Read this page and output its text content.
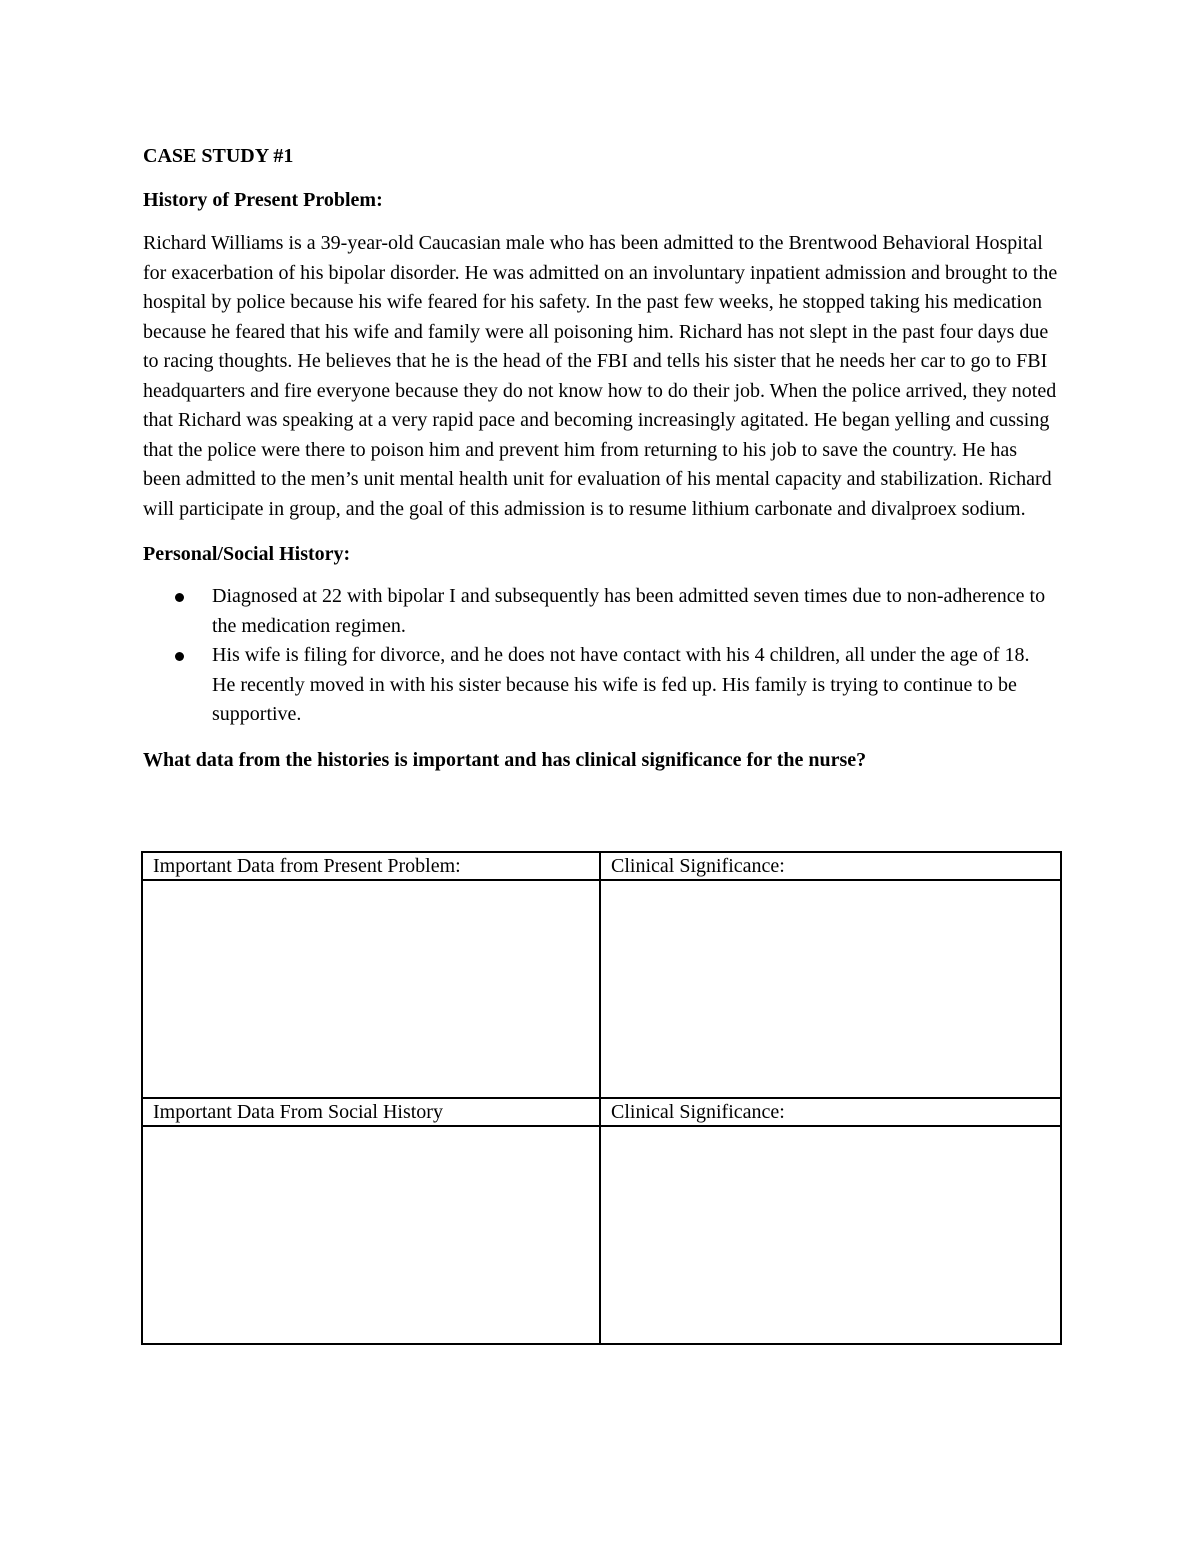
CASE STUDY #1

History of Present Problem:

Richard Williams is a 39-year-old Caucasian male who has been admitted to the Brentwood Behavioral Hospital for exacerbation of his bipolar disorder. He was admitted on an involuntary inpatient admission and brought to the hospital by police because his wife feared for his safety. In the past few weeks, he stopped taking his medication because he feared that his wife and family were all poisoning him. Richard has not slept in the past four days due to racing thoughts. He believes that he is the head of the FBI and tells his sister that he needs her car to go to FBI headquarters and fire everyone because they do not know how to do their job. When the police arrived, they noted that Richard was speaking at a very rapid pace and becoming increasingly agitated. He began yelling and cussing that the police were there to poison him and prevent him from returning to his job to save the country. He has been admitted to the men’s unit mental health unit for evaluation of his mental capacity and stabilization. Richard will participate in group, and the goal of this admission is to resume lithium carbonate and divalproex sodium.

Personal/Social History:

Diagnosed at 22 with bipolar I and subsequently has been admitted seven times due to non-adherence to the medication regimen.
His wife is filing for divorce, and he does not have contact with his 4 children, all under the age of 18. He recently moved in with his sister because his wife is fed up. His family is trying to continue to be supportive.

What data from the histories is important and has clinical significance for the nurse?

Important Data from Present Problem:	Clinical Significance:

Important Data From Social History	Clinical Significance:
